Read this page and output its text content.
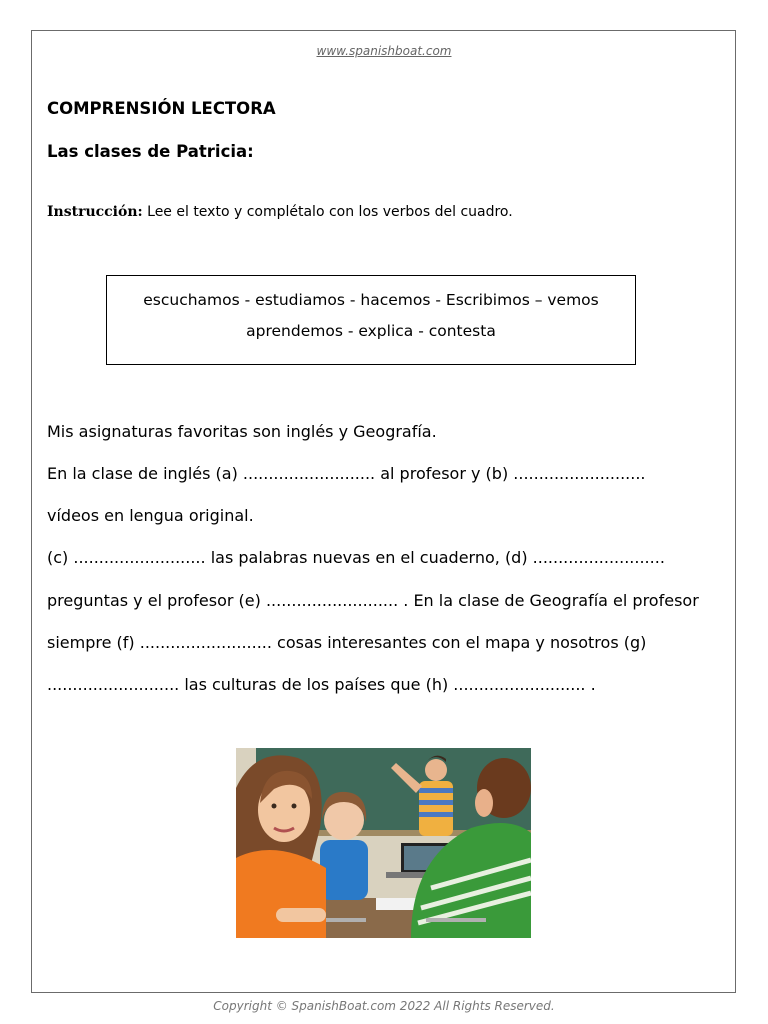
www.spanishboat.com
COMPRENSIÓN LECTORA
Las clases de Patricia:
Instrucción: Lee el texto y complétalo con los verbos del cuadro.
escuchamos - estudiamos - hacemos - Escribimos – vemos
aprendemos - explica - contesta
Mis asignaturas favoritas son inglés y Geografía.
En la clase de inglés (a) .......................... al profesor y (b) ..........................
vídeos en lengua original.
(c) .......................... las palabras nuevas en el cuaderno, (d) ..........................
preguntas y el profesor (e) .......................... . En la clase de Geografía el profesor
siempre (f) .......................... cosas interesantes con el mapa y nosotros (g)
.......................... las culturas de los países que (h) .......................... .
Copyright © SpanishBoat.com 2022 All Rights Reserved.
